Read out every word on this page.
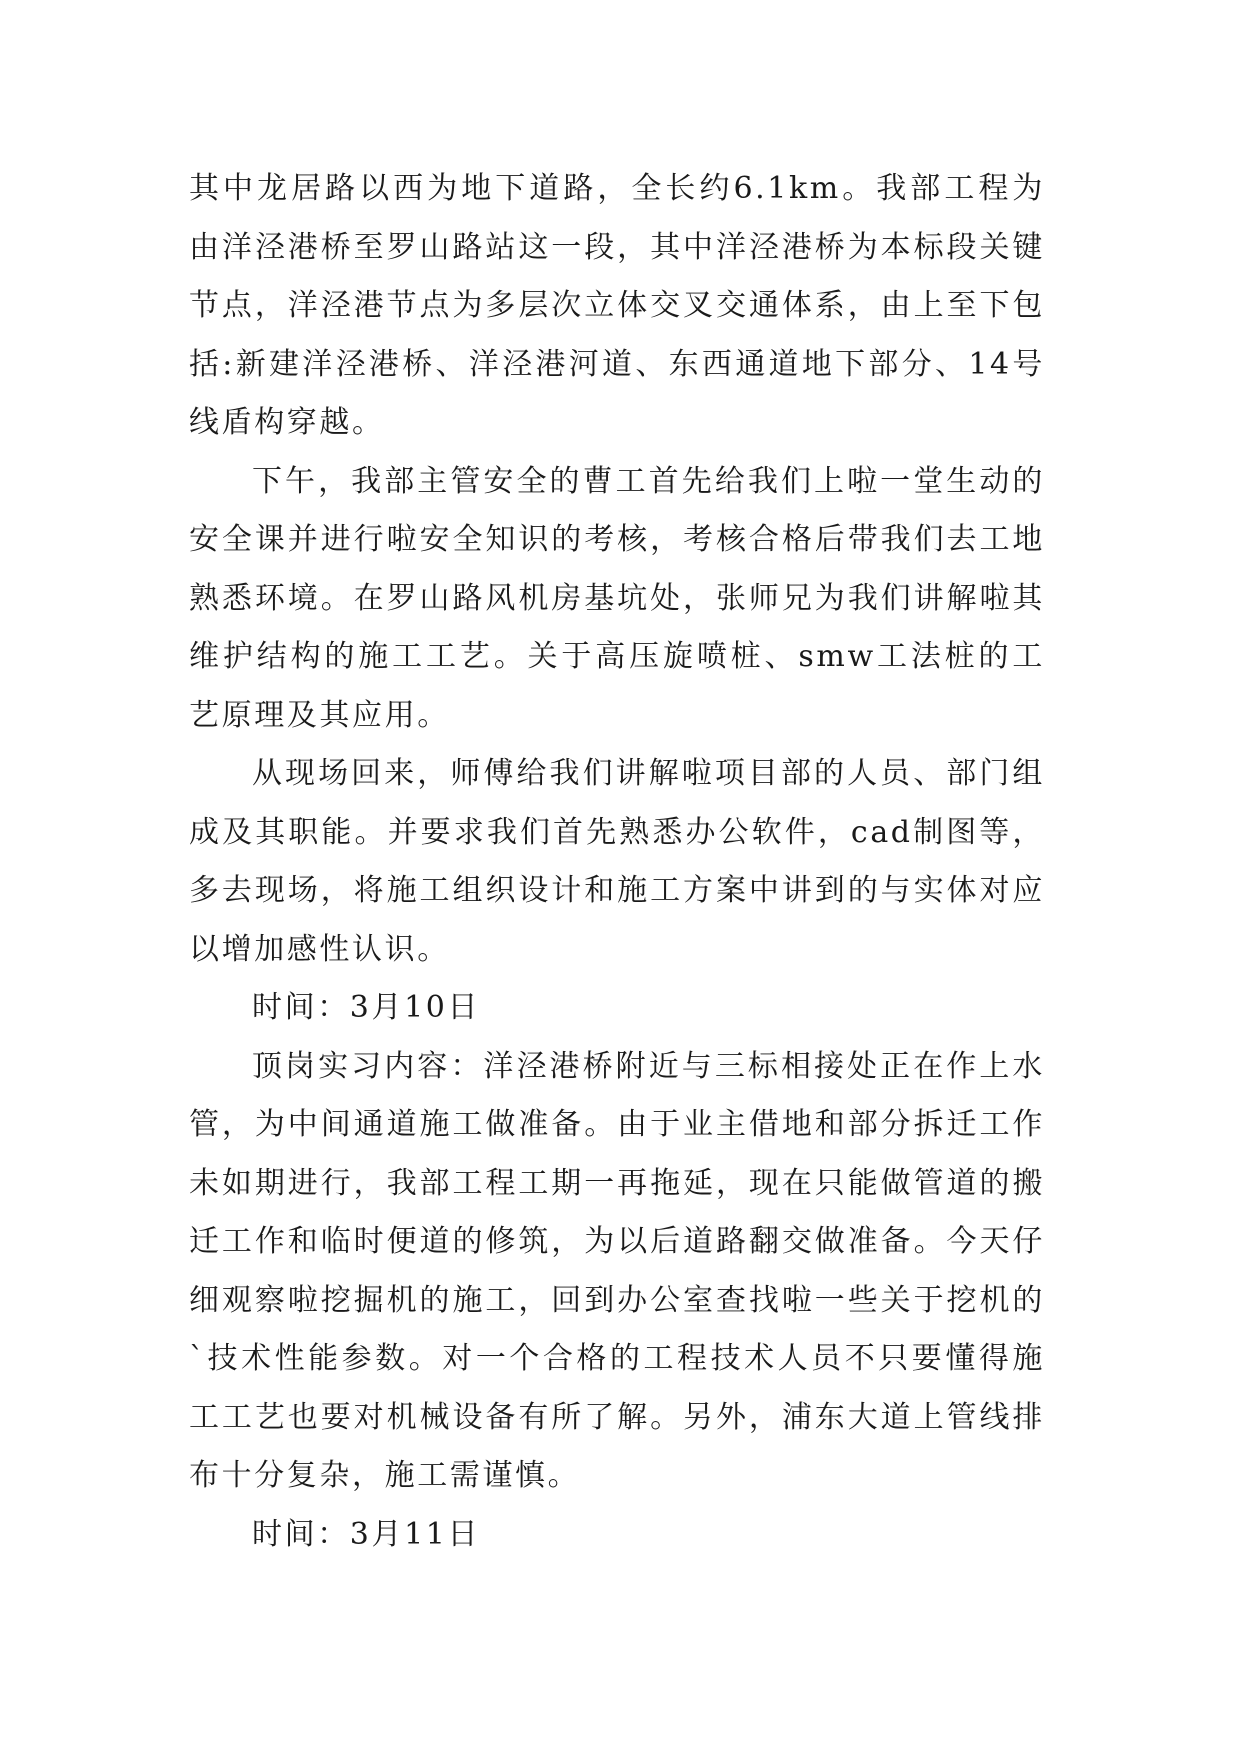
其中龙居路以西为地下道路，全长约6.1km。我部工程为由洋泾港桥至罗山路站这一段，其中洋泾港桥为本标段关键节点，洋泾港节点为多层次立体交叉交通体系，由上至下包括:新建洋泾港桥、洋泾港河道、东西通道地下部分、14号线盾构穿越。

下午，我部主管安全的曹工首先给我们上啦一堂生动的安全课并进行啦安全知识的考核，考核合格后带我们去工地熟悉环境。在罗山路风机房基坑处，张师兄为我们讲解啦其维护结构的施工工艺。关于高压旋喷桩、smw工法桩的工艺原理及其应用。

从现场回来，师傅给我们讲解啦项目部的人员、部门组成及其职能。并要求我们首先熟悉办公软件，cad制图等，多去现场，将施工组织设计和施工方案中讲到的与实体对应以增加感性认识。

时间：3月10日

顶岗实习内容：洋泾港桥附近与三标相接处正在作上水管，为中间通道施工做准备。由于业主借地和部分拆迁工作未如期进行，我部工程工期一再拖延，现在只能做管道的搬迁工作和临时便道的修筑，为以后道路翻交做准备。今天仔细观察啦挖掘机的施工，回到办公室查找啦一些关于挖机的`技术性能参数。对一个合格的工程技术人员不只要懂得施工工艺也要对机械设备有所了解。另外，浦东大道上管线排布十分复杂，施工需谨慎。

时间：3月11日
